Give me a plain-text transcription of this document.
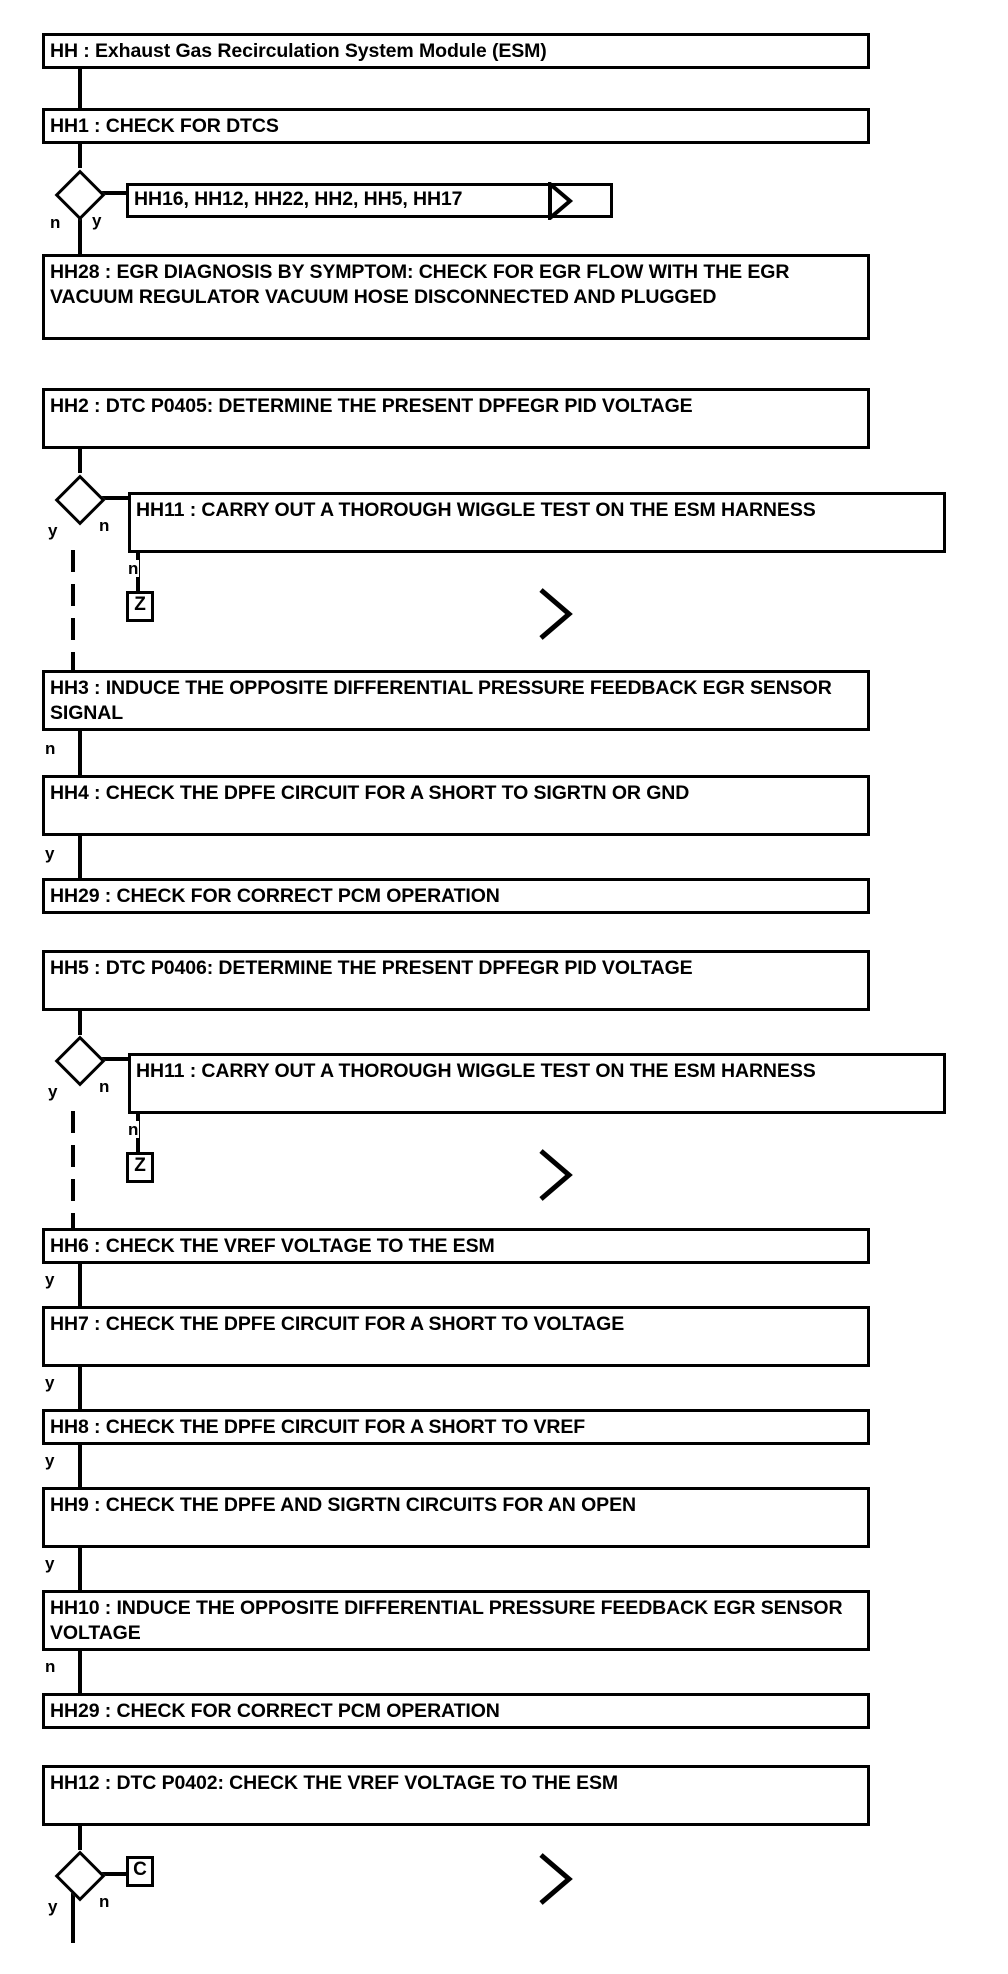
HH : Exhaust Gas Recirculation System Module (ESM)
HH1 : CHECK FOR DTCS
n y
HH16, HH12, HH22, HH2, HH5, HH17
HH28 : EGR DIAGNOSIS BY SYMPTOM: CHECK FOR EGR FLOW WITH THE EGR VACUUM REGULATOR VACUUM HOSE DISCONNECTED AND PLUGGED
HH2 : DTC P0405: DETERMINE THE PRESENT DPFEGR PID VOLTAGE
y n
HH11 : CARRY OUT A THOROUGH WIGGLE TEST ON THE ESM HARNESS
n
Z
HH3 : INDUCE THE OPPOSITE DIFFERENTIAL PRESSURE FEEDBACK EGR SENSOR SIGNAL
n
HH4 : CHECK THE DPFE CIRCUIT FOR A SHORT TO SIGRTN OR GND
y
HH29 : CHECK FOR CORRECT PCM OPERATION
HH5 : DTC P0406: DETERMINE THE PRESENT DPFEGR PID VOLTAGE
y n
HH11 : CARRY OUT A THOROUGH WIGGLE TEST ON THE ESM HARNESS
n
Z
HH6 : CHECK THE VREF VOLTAGE TO THE ESM
y
HH7 : CHECK THE DPFE CIRCUIT FOR A SHORT TO VOLTAGE
y
HH8 : CHECK THE DPFE CIRCUIT FOR A SHORT TO VREF
y
HH9 : CHECK THE DPFE AND SIGRTN CIRCUITS FOR AN OPEN
y
HH10 : INDUCE THE OPPOSITE DIFFERENTIAL PRESSURE FEEDBACK EGR SENSOR VOLTAGE
n
HH29 : CHECK FOR CORRECT PCM OPERATION
HH12 : DTC P0402: CHECK THE VREF VOLTAGE TO THE ESM
y n
C
